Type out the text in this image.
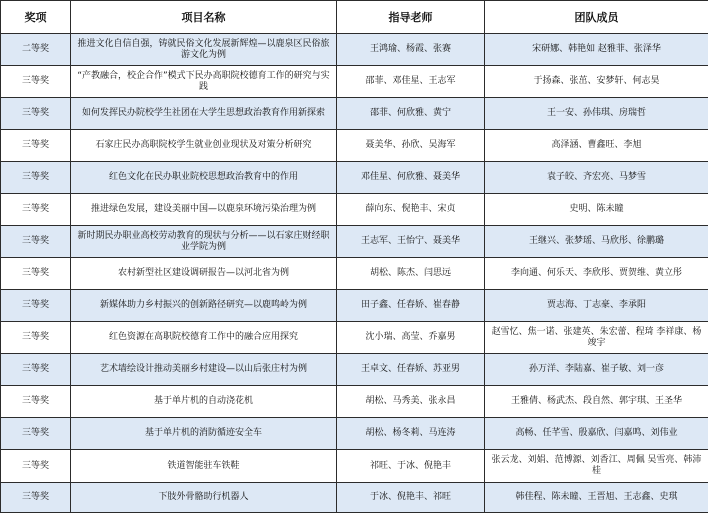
奖项	项目名称	指导老师	团队成员
二等奖	推进文化自信自强，铸就民俗文化发展新辉煌—以鹿泉区民俗旅游文化为例	王鸿瑜、杨霞、张赛	宋研娜、韩艳如 赵雅菲、张泽华
三等奖	“产教融合，校企合作”模式下民办高职院校德育工作的研究与实践	邵菲、邓佳星、王志军	于扬森、张茁、安梦轩、何志昊
三等奖	如何发挥民办院校学生社团在大学生思想政治教育作用新探索	邵菲、何欣雅、黄宁	王一安、孙伟琪、房瑞哲
三等奖	石家庄民办高职院校学生就业创业现状及对策分析研究	聂美华、孙欣、吴海军	高泽涵、曹鑫旺、李旭
三等奖	红色文化在民办职业院校思想政治教育中的作用	邓佳星、何欣雅、聂美华	袁子皎、齐宏亮、马梦雪
三等奖	推进绿色发展，建设美丽中国—以鹿泉环境污染治理为例	薛向东、倪艳丰、宋贞	史明、陈未瞳
三等奖	新时期民办职业高校劳动教育的现状与分析——以石家庄财经职业学院为例	王志军、王怡宁、聂美华	王继兴、张梦瑶、马欣彤、徐鹏璐
三等奖	农村新型社区建设调研报告—以河北省为例	胡松、陈杰、闫思远	李向通、何乐天、李欣彤、贾贺维、黄立彤
三等奖	新媒体助力乡村振兴的创新路径研究—以鹿鸣岭为例	田子鑫、任春娇、崔春静	贾志海、丁志豪、李承阳
三等奖	红色资源在高职院校德育工作中的融合应用探究	沈小瑞、高莹、乔嘉男	赵雪忆、焦一诺、张建英、朱宏蕾、程琦 李祥康、杨竣宇
三等奖	艺术墙绘设计推动美丽乡村建设—以山后张庄村为例	王卓文、任春娇、苏亚男	孙万洋、李陆嘉、崔子敏、刘一彦
三等奖	基于单片机的自动浇花机	胡松、马秀美、张永昌	王雅倩、杨武杰、段自然、郭宇琪、王圣华
三等奖	基于单片机的消防循迹安全车	胡松、杨冬莉、马连涛	高畅、任芊雪、殷嘉欣、闫嘉鸣、刘伟业
三等奖	铁道智能驻车铁鞋	祁旺、于冰、倪艳丰	张云龙、刘娟、范博源、刘香江、周佩 吴雪亮、韩沛桂
三等奖	下肢外骨骼助行机器人	于冰、倪艳丰、祁旺	韩佳程、陈未瞳、王晋旭、王志鑫、史琪
